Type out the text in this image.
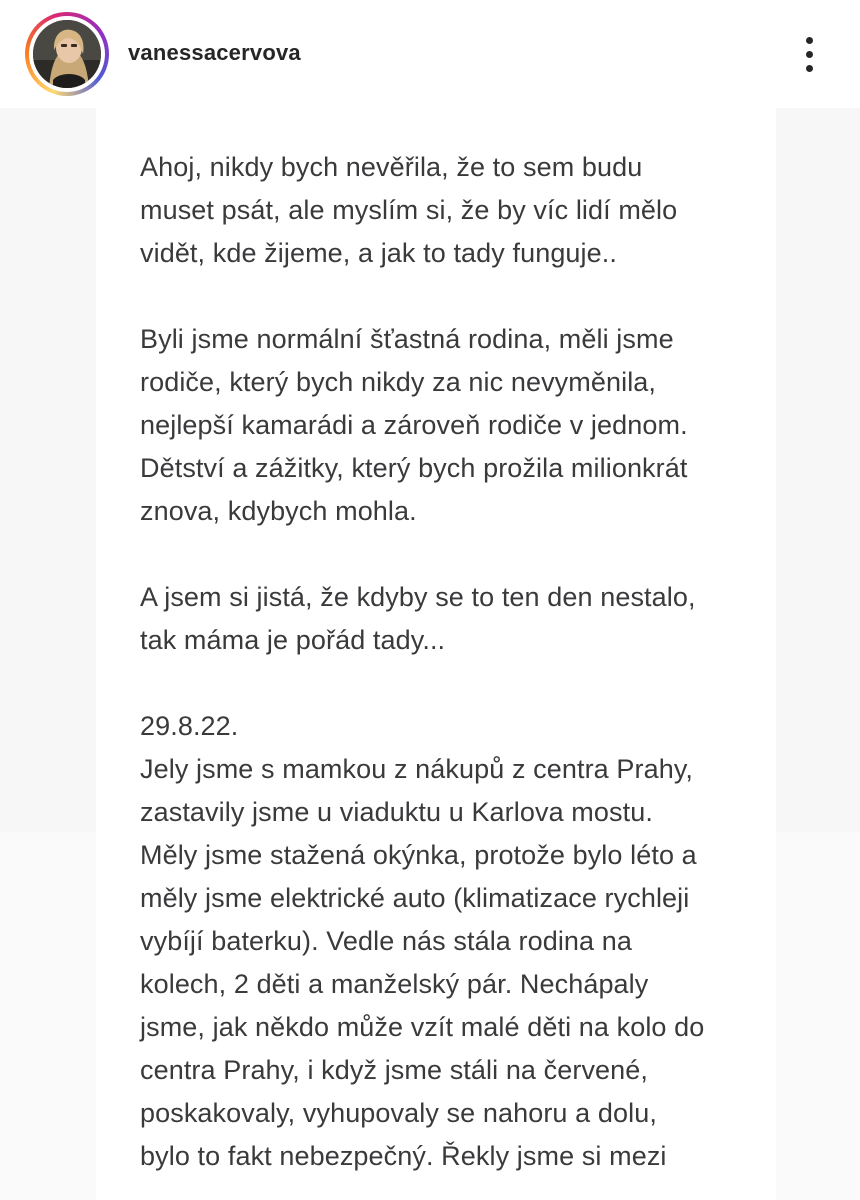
vanessacervova

Ahoj, nikdy bych nevěřila, že to sem budu
muset psát, ale myslím si, že by víc lidí mělo
vidět, kde žijeme, a jak to tady funguje..

Byli jsme normální šťastná rodina, měli jsme
rodiče, který bych nikdy za nic nevyměnila,
nejlepší kamarádi a zároveň rodiče v jednom.
Dětství a zážitky, který bych prožila milionkrát
znova, kdybych mohla.

A jsem si jistá, že kdyby se to ten den nestalo,
tak máma je pořád tady...

29.8.22.

Jely jsme s mamkou z nákupů z centra Prahy,
zastavily jsme u viaduktu u Karlova mostu.
Měly jsme stažená okýnka, protože bylo léto a
měly jsme elektrické auto (klimatizace rychleji
vybíjí baterku). Vedle nás stála rodina na
kolech, 2 děti a manželský pár. Nechápaly
jsme, jak někdo může vzít malé děti na kolo do
centra Prahy, i když jsme stáli na červené,
poskakovaly, vyhupovaly se nahoru a dolu,
bylo to fakt nebezpečný. Řekly jsme si mezi
